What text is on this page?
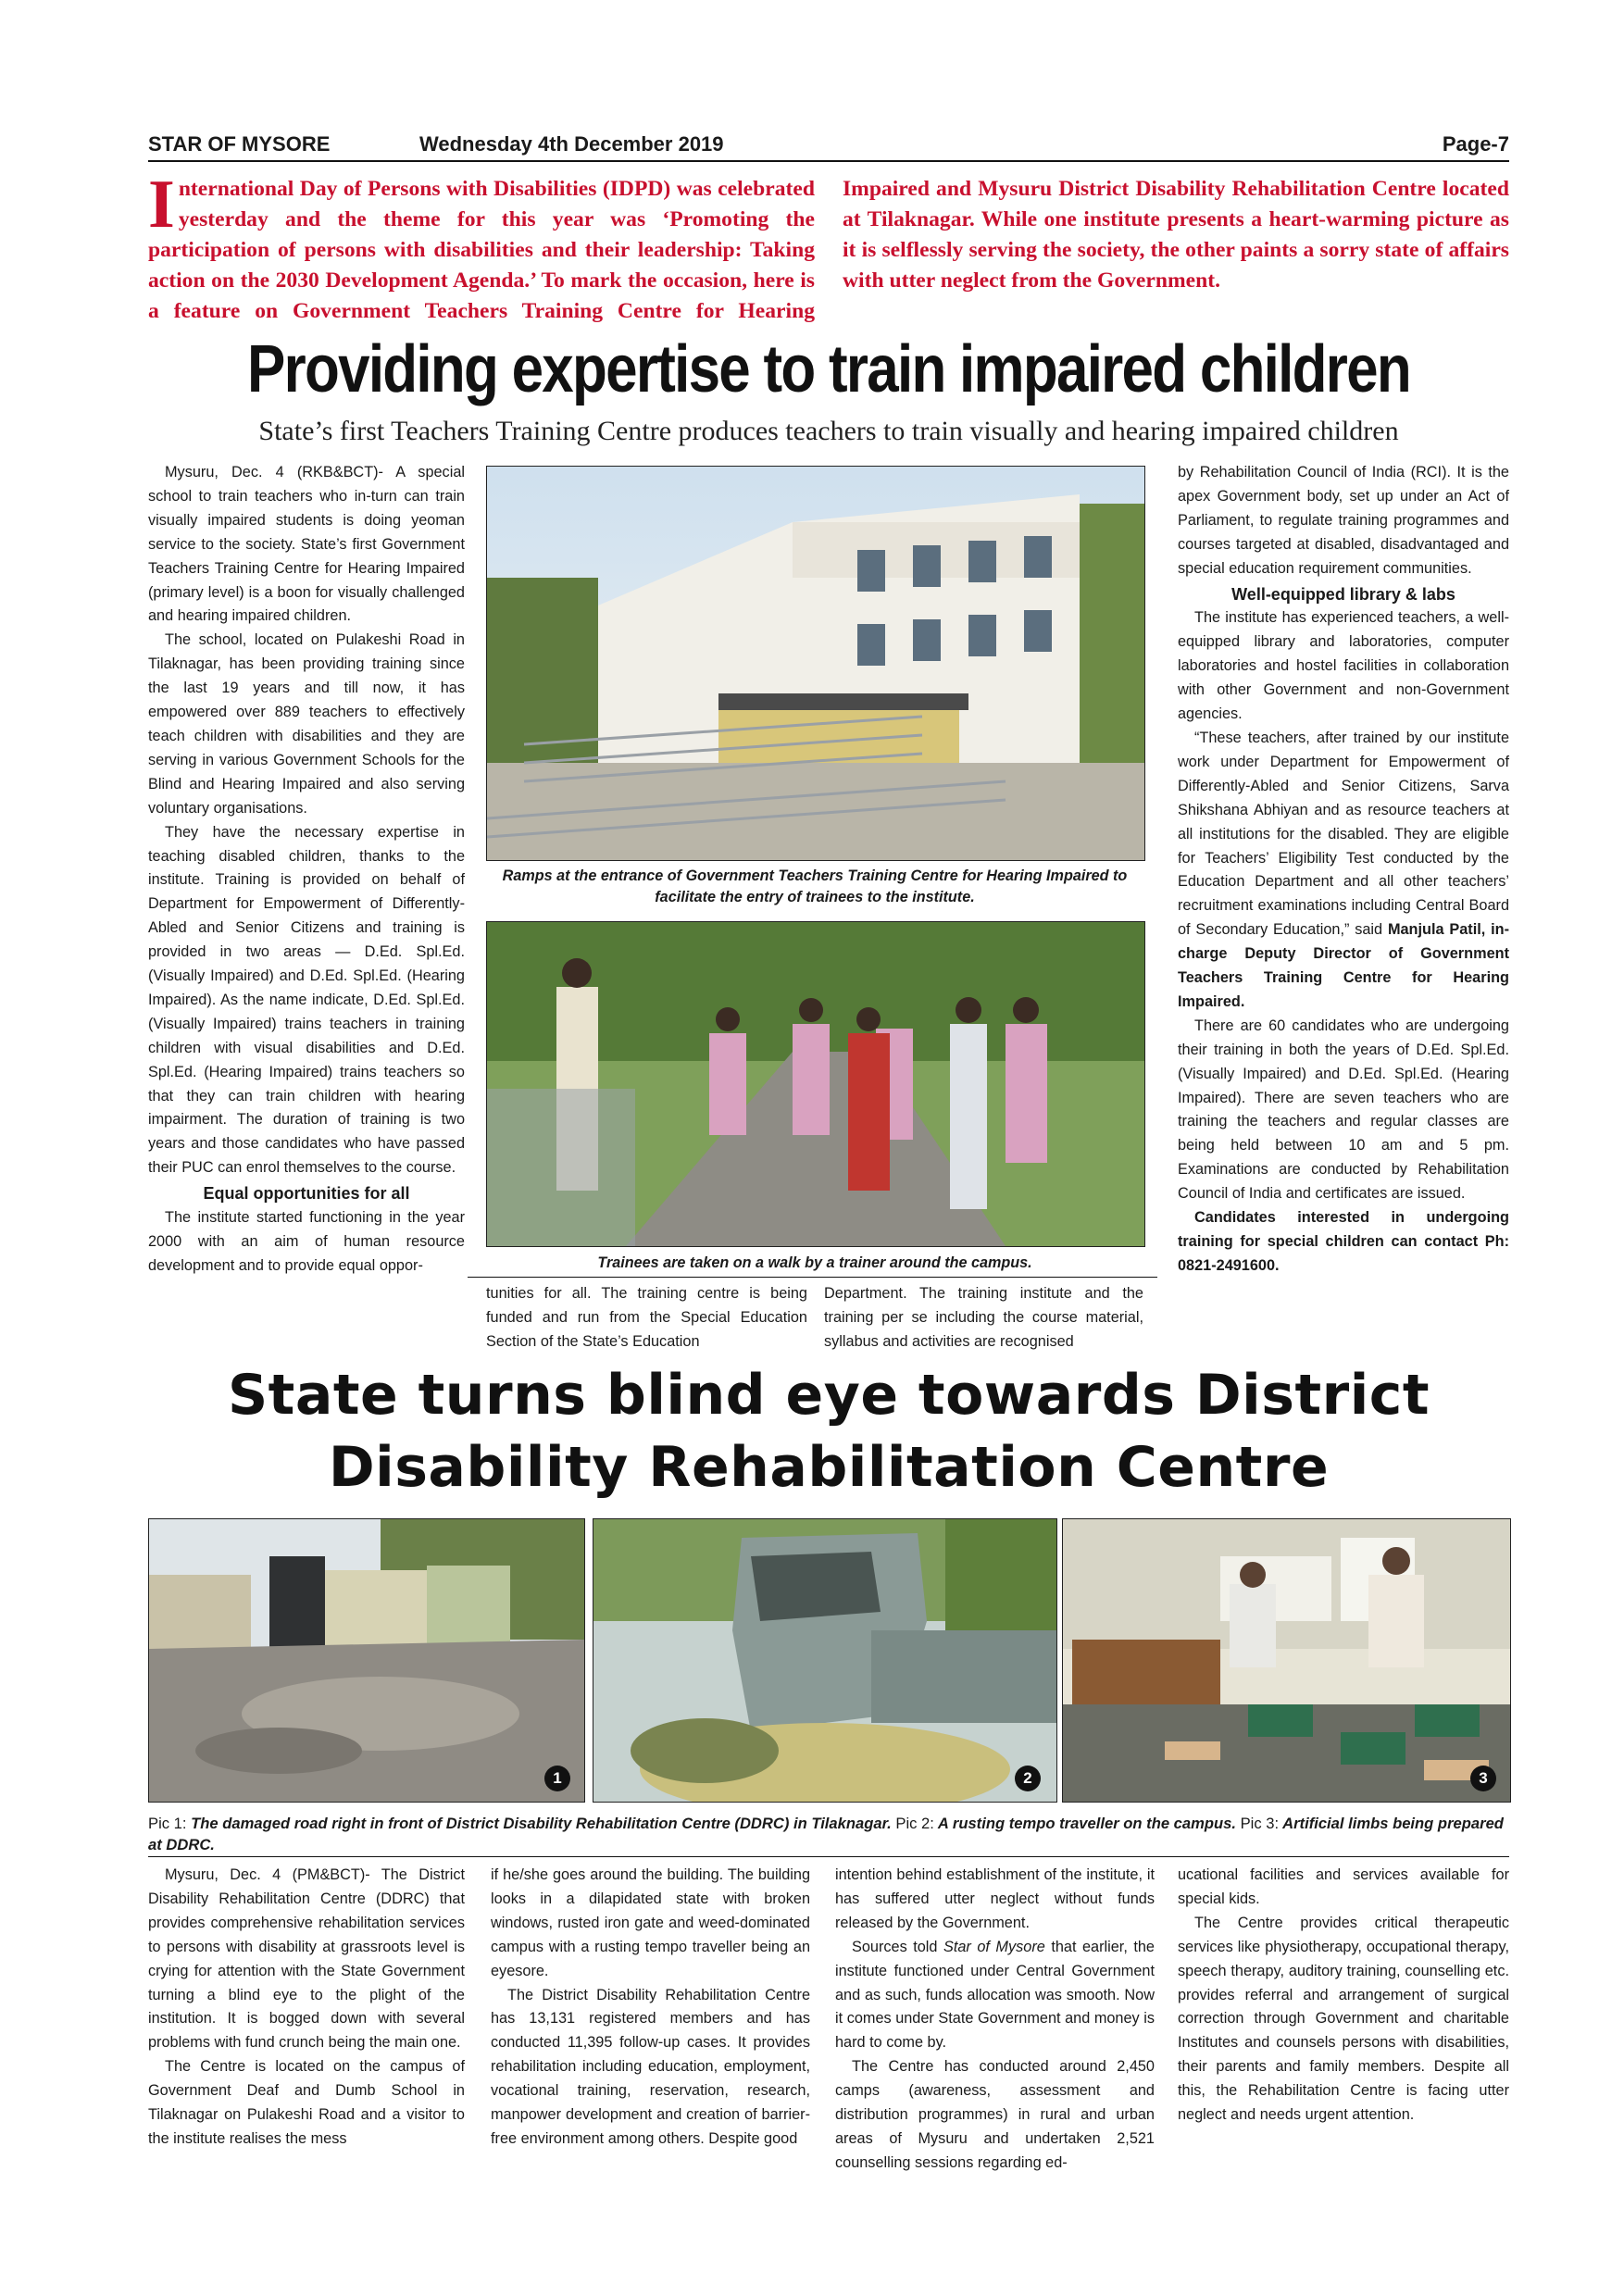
STAR OF MYSORE	Wednesday 4th December 2019	Page-7
International Day of Persons with Disabilities (IDPD) was celebrated yesterday and the theme for this year was ‘Promoting the participation of persons with disabilities and their leadership: Taking action on the 2030 Development Agenda.’ To mark the occasion, here is a feature on Government Teachers Training Centre for Hearing Impaired and Mysuru District Disability Rehabilitation Centre located at Tilaknagar. While one institute presents a heart-warming picture as it is selflessly serving the society, the other paints a sorry state of affairs with utter neglect from the Government.
Providing expertise to train impaired children
State’s first Teachers Training Centre produces teachers to train visually and hearing impaired children

Mysuru, Dec. 4 (RKB&BCT)- A special school to train teachers who in-turn can train visually impaired students is doing yeoman service to the society. State’s first Government Teachers Training Centre for Hearing Impaired (primary level) is a boon for visually challenged and hearing impaired children.

The school, located on Pulakeshi Road in Tilaknagar, has been providing training since the last 19 years and till now, it has empowered over 889 teachers to effectively teach children with disabilities and they are serving in various Government Schools for the Blind and Hearing Impaired and also serving voluntary organisations.

They have the necessary expertise in teaching disabled children, thanks to the institute. Training is provided on behalf of Department for Empowerment of Differently-Abled and Senior Citizens and training is provided in two areas — D.Ed. Spl.Ed. (Visually Impaired) and D.Ed. Spl.Ed. (Hearing Impaired). As the name indicate, D.Ed. Spl.Ed. (Visually Impaired) trains teachers in training children with visual disabilities and D.Ed. Spl.Ed. (Hearing Impaired) trains teachers so that they can train children with hearing impairment. The duration of training is two years and those candidates who have passed their PUC can enrol themselves to the course.

Equal opportunities for all

The institute started functioning in the year 2000 with an aim of human resource development and to provide equal oppor-

Ramps at the entrance of Government Teachers Training Centre for Hearing Impaired to facilitate the entry of trainees to the institute.
Trainees are taken on a walk by a trainer around the campus.

tunities for all. The training centre is being funded and run from the Special Education Section of the State’s Education

Department. The training institute and the training per se including the course material, syllabus and activities are recognised

by Rehabilitation Council of India (RCI). It is the apex Government body, set up under an Act of Parliament, to regulate training programmes and courses targeted at disabled, disadvantaged and special education requirement communities.

Well-equipped library & labs

The institute has experienced teachers, a well-equipped library and laboratories, computer laboratories and hostel facilities in collaboration with other Government and non-Government agencies.

“These teachers, after trained by our institute work under Department for Empowerment of Differently-Abled and Senior Citizens, Sarva Shikshana Abhiyan and as resource teachers at all institutions for the disabled. They are eligible for Teachers’ Eligibility Test conducted by the Education Department and all other teachers’ recruitment examinations including Central Board of Secondary Education,” said Manjula Patil, in-charge Deputy Director of Government Teachers Training Centre for Hearing Impaired.

There are 60 candidates who are undergoing their training in both the years of D.Ed. Spl.Ed. (Visually Impaired) and D.Ed. Spl.Ed. (Hearing Impaired). There are seven teachers who are training the teachers and regular classes are being held between 10 am and 5 pm. Examinations are conducted by Rehabilitation Council of India and certificates are issued.

Candidates interested in undergoing training for special children can contact Ph: 0821-2491600.

State turns blind eye towards District
Disability Rehabilitation Centre
1	2	3
Pic 1: The damaged road right in front of District Disability Rehabilitation Centre (DDRC) in Tilaknagar. Pic 2: A rusting tempo traveller on the campus. Pic 3: Artificial limbs being prepared at DDRC.

Mysuru, Dec. 4 (PM&BCT)- The District Disability Rehabilitation Centre (DDRC) that provides comprehensive rehabilitation services to persons with disability at grassroots level is crying for attention with the State Government turning a blind eye to the plight of the institution. It is bogged down with several problems with fund crunch being the main one.

The Centre is located on the campus of Government Deaf and Dumb School in Tilaknagar on Pulakeshi Road and a visitor to the institute realises the mess

if he/she goes around the building. The building looks in a dilapidated state with broken windows, rusted iron gate and weed-dominated campus with a rusting tempo traveller being an eyesore.

The District Disability Rehabilitation Centre has 13,131 registered members and has conducted 11,395 follow-up cases. It provides rehabilitation including education, employment, vocational training, reservation, research, manpower development and creation of barrier-free environment among others. Despite good

intention behind establishment of the institute, it has suffered utter neglect without funds released by the Government.

Sources told Star of Mysore that earlier, the institute functioned under Central Government and as such, funds allocation was smooth. Now it comes under State Government and money is hard to come by.

The Centre has conducted around 2,450 camps (awareness, assessment and distribution programmes) in rural and urban areas of Mysuru and undertaken 2,521 counselling sessions regarding ed-

ucational facilities and services available for special kids.

The Centre provides critical therapeutic services like physiotherapy, occupational therapy, speech therapy, auditory training, counselling etc. provides referral and arrangement of surgical correction through Government and charitable Institutes and counsels persons with disabilities, their parents and family members. Despite all this, the Rehabilitation Centre is facing utter neglect and needs urgent attention.
